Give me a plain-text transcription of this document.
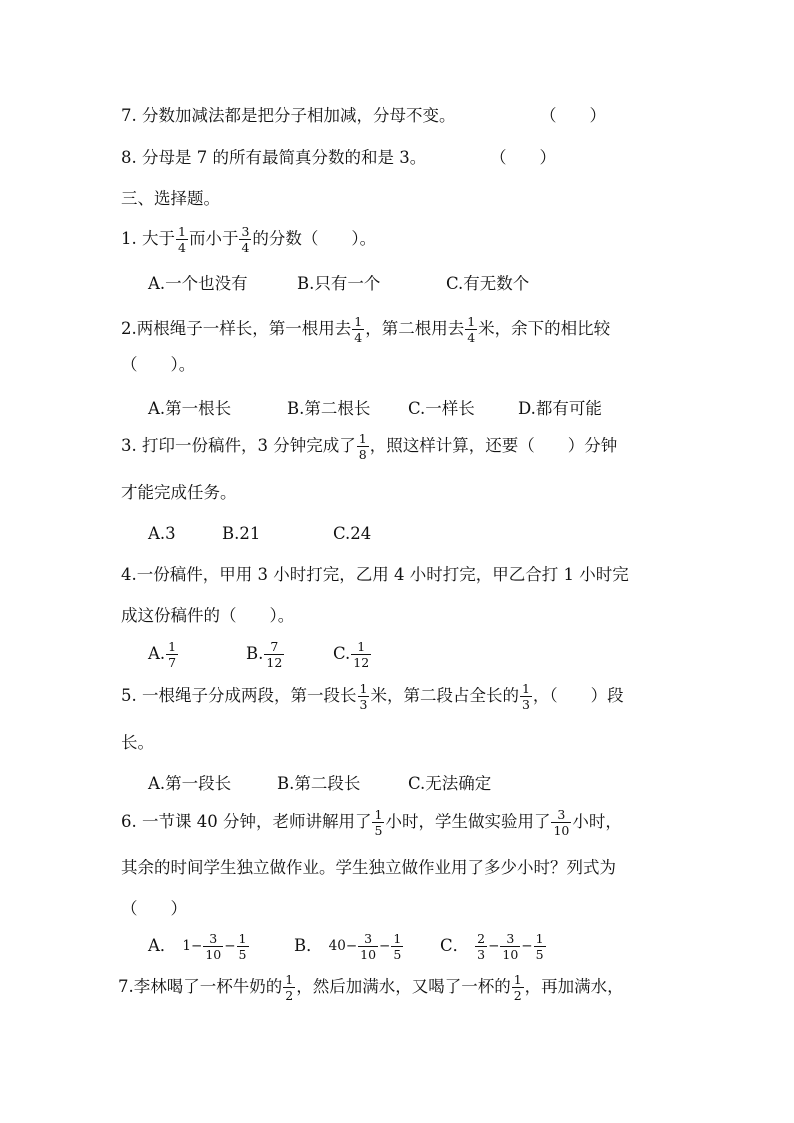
7. 分数加减法都是把分子相加减，分母不变。	（　　）
8. 分母是 7 的所有最简真分数的和是 3。	（　　）
三、选择题。
1. 大于 $\frac{1}{4}$ 而小于 $\frac{3}{4}$ 的分数（　　）。
A.一个也没有	B.只有一个	C.有无数个
2.两根绳子一样长，第一根用去 $\frac{1}{4}$ ，第二根用去 $\frac{1}{4}$ 米，余下的相比较
（　　）。
A.第一根长	B.第二根长 C.一样长	D.都有可能
3. 打印一份稿件，3 分钟完成了 $\frac{1}{8}$ ，照这样计算，还要（　　）分钟
才能完成任务。
A.3	B.21	C.24
4.一份稿件，甲用 3 小时打完，乙用 4 小时打完，甲乙合打 1 小时完
成这份稿件的（　　）。
A. $\frac{1}{7}$	B. $\frac{7}{12}$	C. $\frac{1}{12}$
5. 一根绳子分成两段，第一段长 $\frac{1}{3}$ 米，第二段占全长的 $\frac{1}{3}$ ，（　　）段
长。
A.第一段长	B.第二段长	C.无法确定
6. 一节课 40 分钟，老师讲解用了 $\frac{1}{5}$ 小时，学生做实验用了 $\frac{3}{10}$ 小时，
其余的时间学生独立做作业。学生独立做作业用了多少小时？列式为
（　　）
A． $1- \frac{3}{10} - \frac{1}{5}$	B． $40- \frac{3}{10} - \frac{1}{5}$ C． $\frac{2}{3} - \frac{3}{10} - \frac{1}{5}$
7.李林喝了一杯牛奶的 $\frac{1}{2}$ ，然后加满水，又喝了一杯的 $\frac{1}{2}$ ，再加满水，
